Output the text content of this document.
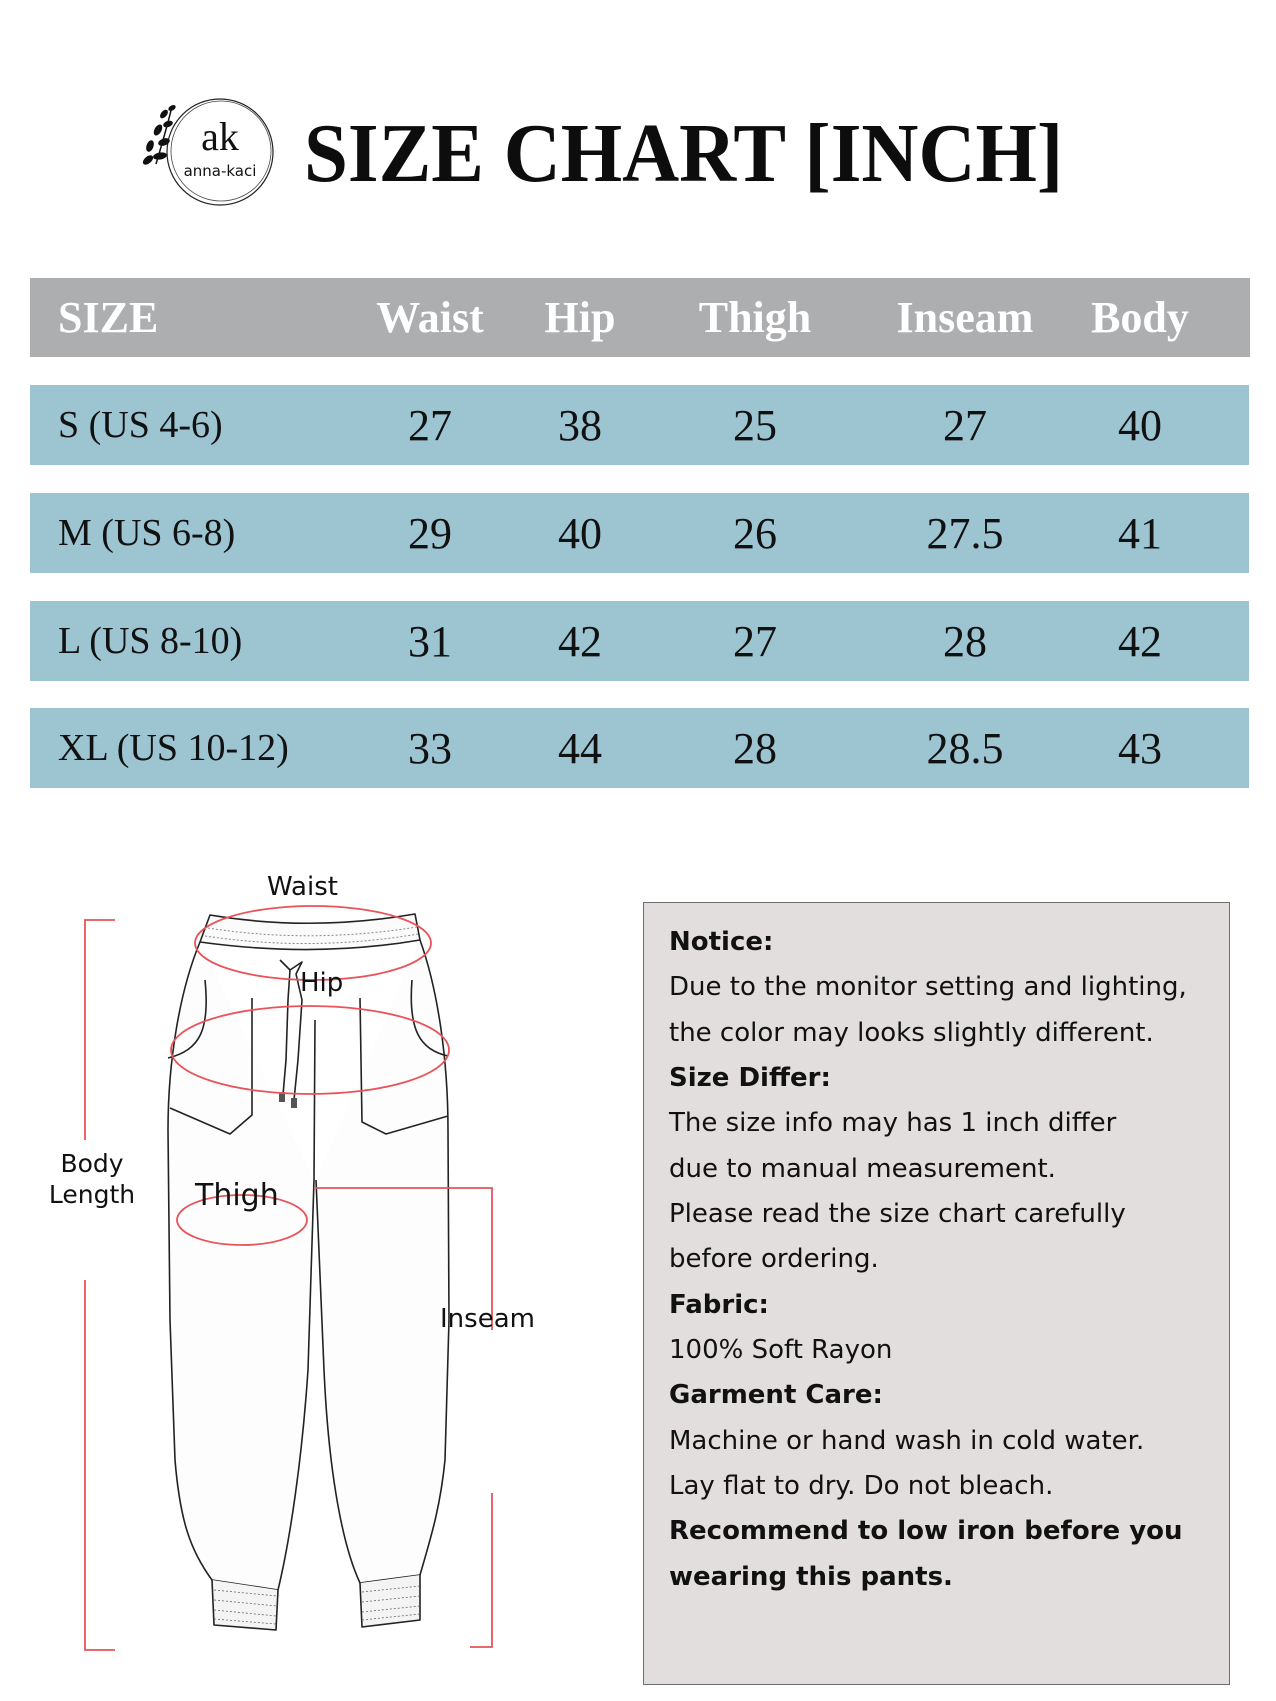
ak
anna-kaci SIZE CHART [INCH]
SIZE	Waist	Hip	Thigh	Inseam	Body
S (US 4-6)	27	38	25	27	40
M (US 6-8)	29	40	26	27.5	41
L (US 8-10)	31	42	27	28	42
XL (US 10-12)	33	44	28	28.5	43
Waist
Hip
Thigh
Body
Length
Inseam
Notice:
Due to the monitor setting and lighting,
the color may looks slightly different.
Size Differ:
The size info may has 1 inch differ
due to manual measurement.
Please read the size chart carefully
before ordering.
Fabric:
100% Soft Rayon
Garment Care:
Machine or hand wash in cold water.
Lay flat to dry. Do not bleach.
Recommend to low iron before you
wearing this pants.
